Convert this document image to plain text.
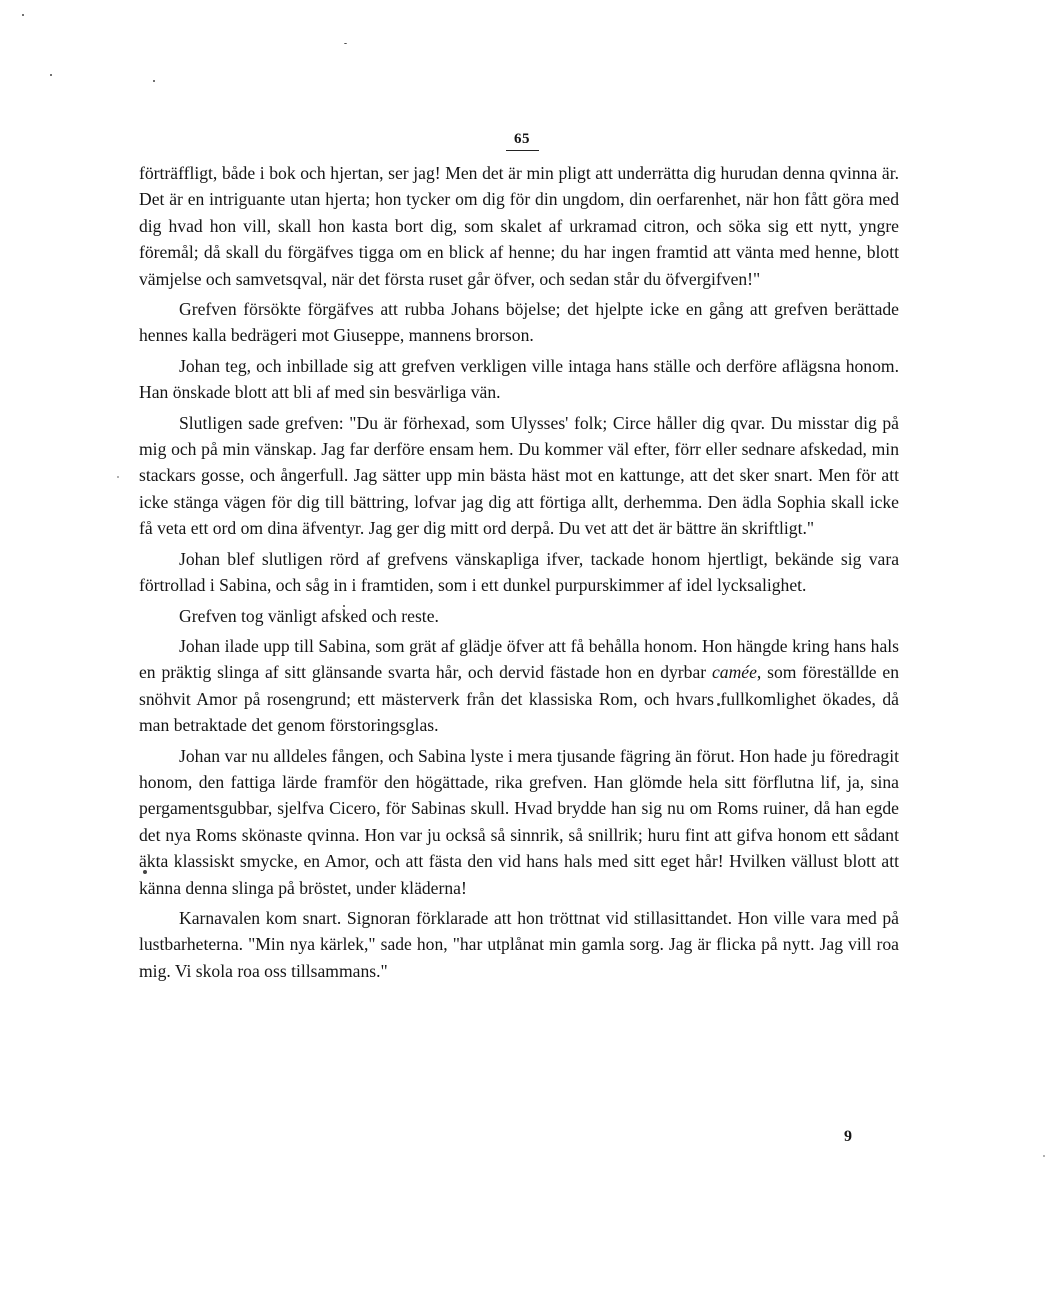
65

förträffligt, både i bok och hjertan, ser jag! Men det är min pligt att underrätta dig hurudan denna qvinna är. Det är en intriguante utan hjerta; hon tycker om dig för din ungdom, din oerfarenhet, när hon fått göra med dig hvad hon vill, skall hon kasta bort dig, som skalet af urkramad citron, och söka sig ett nytt, yngre föremål; då skall du förgäfves tigga om en blick af henne; du har ingen framtid att vänta med henne, blott vämjelse och samvetsqval, när det första ruset går öfver, och sedan står du öfvergifven!"

Grefven försökte förgäfves att rubba Johans böjelse; det hjelpte icke en gång att grefven berättade hennes kalla bedrägeri mot Giuseppe, mannens brorson.

Johan teg, och inbillade sig att grefven verkligen ville intaga hans ställe och derföre aflägsna honom. Han önskade blott att bli af med sin besvärliga vän.

Slutligen sade grefven: "Du är förhexad, som Ulysses' folk; Circe håller dig qvar. Du misstar dig på mig och på min vänskap. Jag far derföre ensam hem. Du kommer väl efter, förr eller sednare afskedad, min stackars gosse, och ångerfull. Jag sätter upp min bästa häst mot en kattunge, att det sker snart. Men för att icke stänga vägen för dig till bättring, lofvar jag dig att förtiga allt, derhemma. Den ädla Sophia skall icke få veta ett ord om dina äfventyr. Jag ger dig mitt ord derpå. Du vet att det är bättre än skriftligt."

Johan blef slutligen rörd af grefvens vänskapliga ifver, tackade honom hjertligt, bekände sig vara förtrollad i Sabina, och såg in i framtiden, som i ett dunkel purpurskimmer af idel lycksalighet.

Grefven tog vänligt afsked och reste.

Johan ilade upp till Sabina, som grät af glädje öfver att få behålla honom. Hon hängde kring hans hals en präktig slinga af sitt glänsande svarta hår, och dervid fästade hon en dyrbar camée, som föreställde en snöhvit Amor på rosengrund; ett mästerverk från det klassiska Rom, och hvars fullkomlighet ökades, då man betraktade det genom förstoringsglas.

Johan var nu alldeles fången, och Sabina lyste i mera tjusande fägring än förut. Hon hade ju föredragit honom, den fattiga lärde framför den högättade, rika grefven. Han glömde hela sitt förflutna lif, ja, sina pergamentsgubbar, sjelfva Cicero, för Sabinas skull. Hvad brydde han sig nu om Roms ruiner, då han egde det nya Roms skönaste qvinna. Hon var ju också så sinnrik, så snillrik; huru fint att gifva honom ett sådant äkta klassiskt smycke, en Amor, och att fästa den vid hans hals med sitt eget hår! Hvilken vällust blott att känna denna slinga på bröstet, under kläderna!

Karnavalen kom snart. Signoran förklarade att hon tröttnat vid stillasittandet. Hon ville vara med på lustbarheterna. "Min nya kärlek," sade hon, "har utplånat min gamla sorg. Jag är flicka på nytt. Jag vill roa mig. Vi skola roa oss tillsammans."

9
